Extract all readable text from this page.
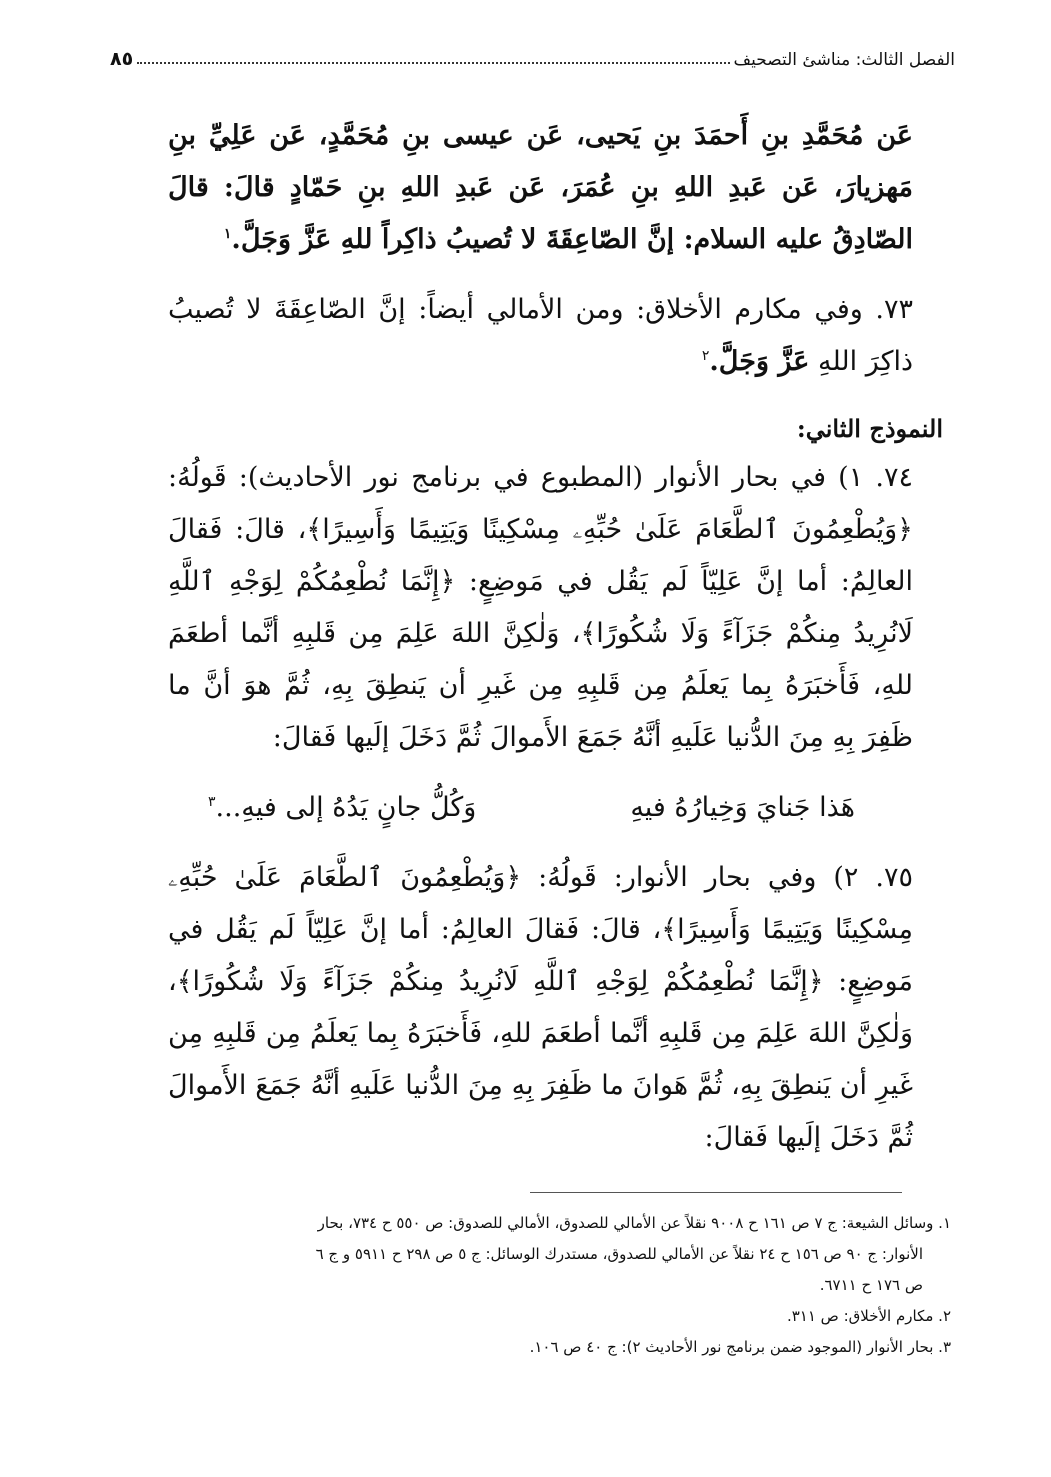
الفصل الثالث: مناشئ التصحيف
٨٥

عَن مُحَمَّدِ بنِ أَحمَدَ بنِ يَحيى، عَن عيسى بنِ مُحَمَّدٍ، عَن عَلِيِّ بنِ مَهزيارَ، عَن عَبدِ اللهِ بنِ عُمَرَ، عَن عَبدِ اللهِ بنِ حَمّادٍ قالَ: قالَ الصّادِقُ عليه السلام: إنَّ الصّاعِقَةَ لا تُصيبُ ذاكِراً للهِ عَزَّ وَجَلَّ.$^١$

٧٣. وفي مكارم الأخلاق: ومن الأمالي أيضاً: إنَّ الصّاعِقَةَ لا تُصيبُ ذاكِرَ اللهِ عَزَّ وَجَلَّ.$^٢$

النموذج الثاني:

٧٤. ١) في بحار الأنوار (المطبوع في برنامج نور الأحاديث): قَولُهُ: ﴿وَيُطْعِمُونَ ٱلطَّعَامَ عَلَىٰ حُبِّهِۦ مِسْكِينًا وَيَتِيمًا وَأَسِيرًا﴾، قالَ: فَقالَ العالِمُ: أما إنَّ عَلِيّاً لَم يَقُل في مَوضِعٍ: ﴿إِنَّمَا نُطْعِمُكُمْ لِوَجْهِ ٱللَّهِ لَانُرِيدُ مِنكُمْ جَزَآءً وَلَا شُكُورًا﴾، وَلٰكِنَّ اللهَ عَلِمَ مِن قَلبِهِ أنَّما أطعَمَ للهِ، فَأَخبَرَهُ بِما يَعلَمُ مِن قَلبِهِ مِن غَيرِ أن يَنطِقَ بِهِ، ثُمَّ هوَ أنَّ ما ظَفِرَ بِهِ مِنَ الدُّنيا عَلَيهِ أنَّهُ جَمَعَ الأَموالَ ثُمَّ دَخَلَ إلَيها فَقالَ:

هَذا جَنايَ وَخِيارُهُ فيهِ
وَكُلُّ جانٍ يَدُهُ إلى فيهِ...$^٣$

٧٥. ٢) وفي بحار الأنوار: قَولُهُ: ﴿وَيُطْعِمُونَ ٱلطَّعَامَ عَلَىٰ حُبِّهِۦ مِسْكِينًا وَيَتِيمًا وَأَسِيرًا﴾، قالَ: فَقالَ العالِمُ: أما إنَّ عَلِيّاً لَم يَقُل في مَوضِعٍ: ﴿إِنَّمَا نُطْعِمُكُمْ لِوَجْهِ ٱللَّهِ لَانُرِيدُ مِنكُمْ جَزَآءً وَلَا شُكُورًا﴾، وَلٰكِنَّ اللهَ عَلِمَ مِن قَلبِهِ أنَّما أطعَمَ للهِ، فَأَخبَرَهُ بِما يَعلَمُ مِن قَلبِهِ مِن غَيرِ أن يَنطِقَ بِهِ، ثُمَّ هَوانَ ما ظَفِرَ بِهِ مِنَ الدُّنيا عَلَيهِ أنَّهُ جَمَعَ الأَموالَ ثُمَّ دَخَلَ إلَيها فَقالَ:

١. وسائل الشيعة: ج ٧ ص ١٦١ ح ٩٠٠٨ نقلاً عن الأمالي للصدوق، الأمالي للصدوق: ص ٥٥٠ ح ٧٣٤، بحار

الأنوار: ج ٩٠ ص ١٥٦ ح ٢٤ نقلاً عن الأمالي للصدوق، مستدرك الوسائل: ج ٥ ص ٢٩٨ ح ٥٩١١ و ج ٦

ص ١٧٦ ح ٦٧١١.

٢. مكارم الأخلاق: ص ٣١١.

٣. بحار الأنوار (الموجود ضمن برنامج نور الأحاديث ٢): ج ٤٠ ص ١٠٦.
